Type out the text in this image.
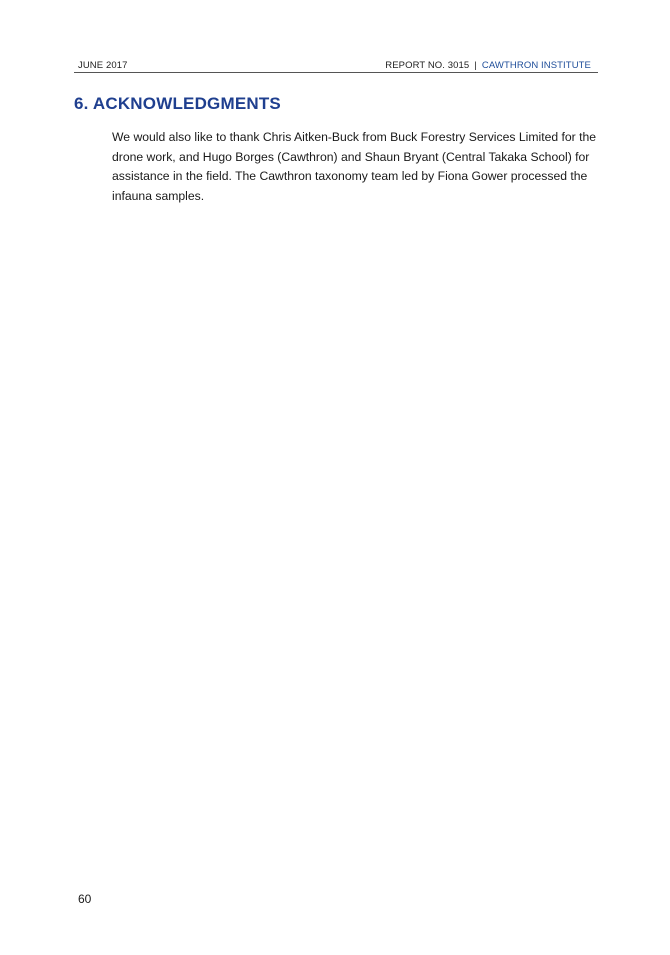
JUNE 2017	REPORT NO. 3015 | CAWTHRON INSTITUTE
6. ACKNOWLEDGMENTS

We would also like to thank Chris Aitken-Buck from Buck Forestry Services Limited for the drone work, and Hugo Borges (Cawthron) and Shaun Bryant (Central Takaka School) for assistance in the field. The Cawthron taxonomy team led by Fiona Gower processed the infauna samples.

60
